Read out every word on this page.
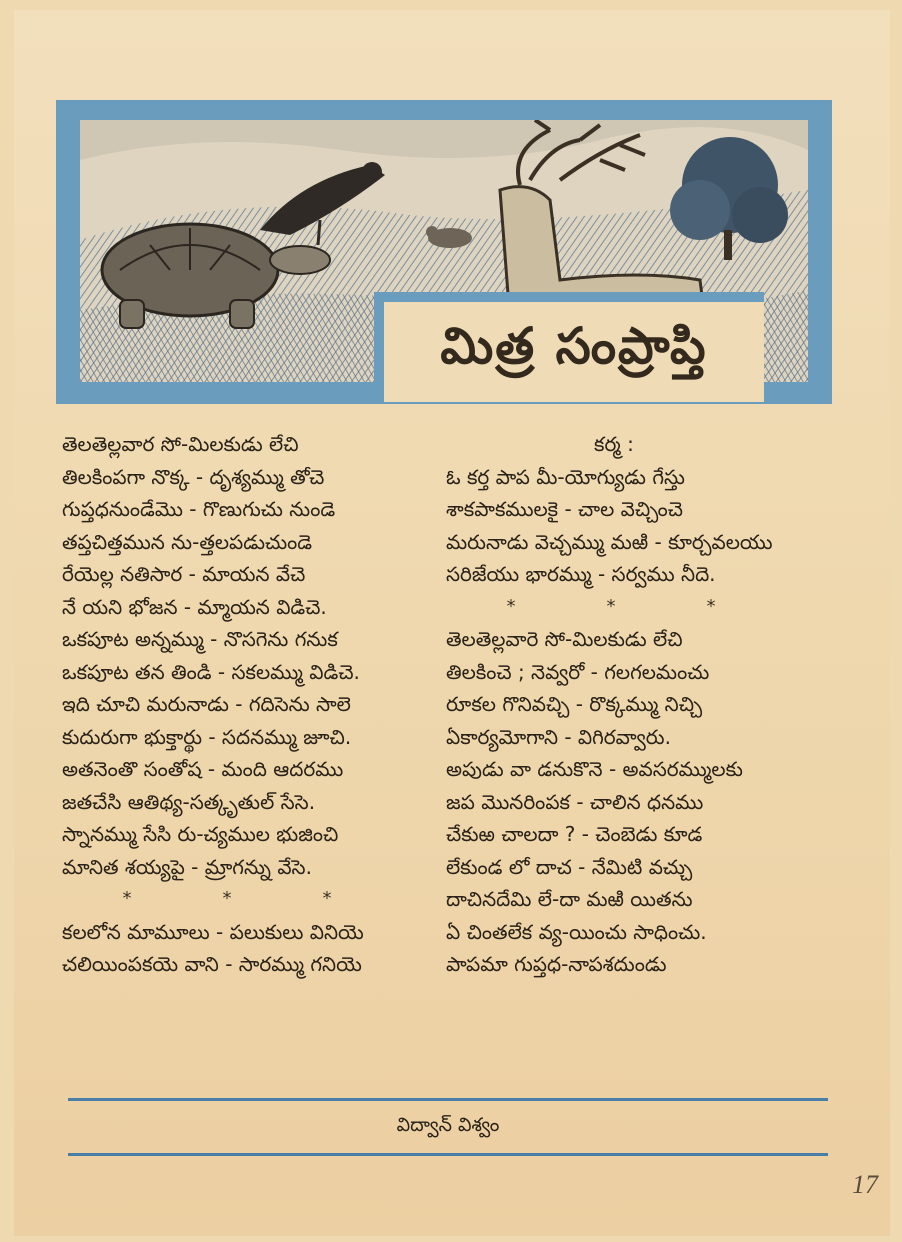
మిత్ర సంప్రాప్తి
తెలతెల్లవార సో-మిలకుడు లేచి
తిలకింపగా నొక్క - దృశ్యమ్ము తోచె
గుప్తధనుండేమొ - గొణుగుచు నుండె
తప్తచిత్తమున ను-త్తలపడుచుండె
రేయెల్ల నతిసార - మాయన వేచె
నే యని భోజన - మ్మాయన విడిచె.
ఒకపూట అన్నమ్ము - నొసగెను గనుక
ఒకపూట తన తిండి - సకలమ్ము విడిచె.
ఇది చూచి మరునాడు - గదిసెను సాలె
కుదురుగా భుక్తార్థు - సదనమ్ము జూచి.
అతనెంతొ సంతోష - మంది ఆదరము
జతచేసి ఆతిథ్య-సత్కృతుల్ సేసె.
స్నానమ్ము సేసి రు-చ్యముల భుజించి
మానిత శయ్యపై - మ్రాగన్ను వేసె.
*	*	*
కలలోన మామూలు - పలుకులు వినియె
చలియింపకయె వాని - సారమ్ము గనియె
కర్మ :
ఓ కర్త పాప మీ-యోగ్యుడు గేస్తు
శాకపాకములకై - చాల వెచ్చించె
మరునాడు వెచ్చమ్ము మఱి - కూర్చవలయు
సరిజేయు భారమ్ము - సర్వము నీదె.
*	*	*
తెలతెల్లవారె సో-మిలకుడు లేచి
తిలకించె ; నెవ్వరో - గలగలమంచు
రూకల గొనివచ్చి - రొక్కమ్ము నిచ్చి
ఏకార్యమోగాని - విగిరవ్వారు.
అపుడు వా డనుకొనె - అవసరమ్ములకు
జప మొనరింపక - చాలిన ధనము
చేకుఱ చాలదా ? - చెంబెడు కూడ
లేకుండ లో దాచ - నేమిటి వచ్చు
దాచినదేమి లే-దా మఱి యితను
ఏ చింతలేక వ్య-యించు సాధించు.
పాపమా గుప్తధ-నాపశదుండు
విద్వాన్ విశ్వం
17
